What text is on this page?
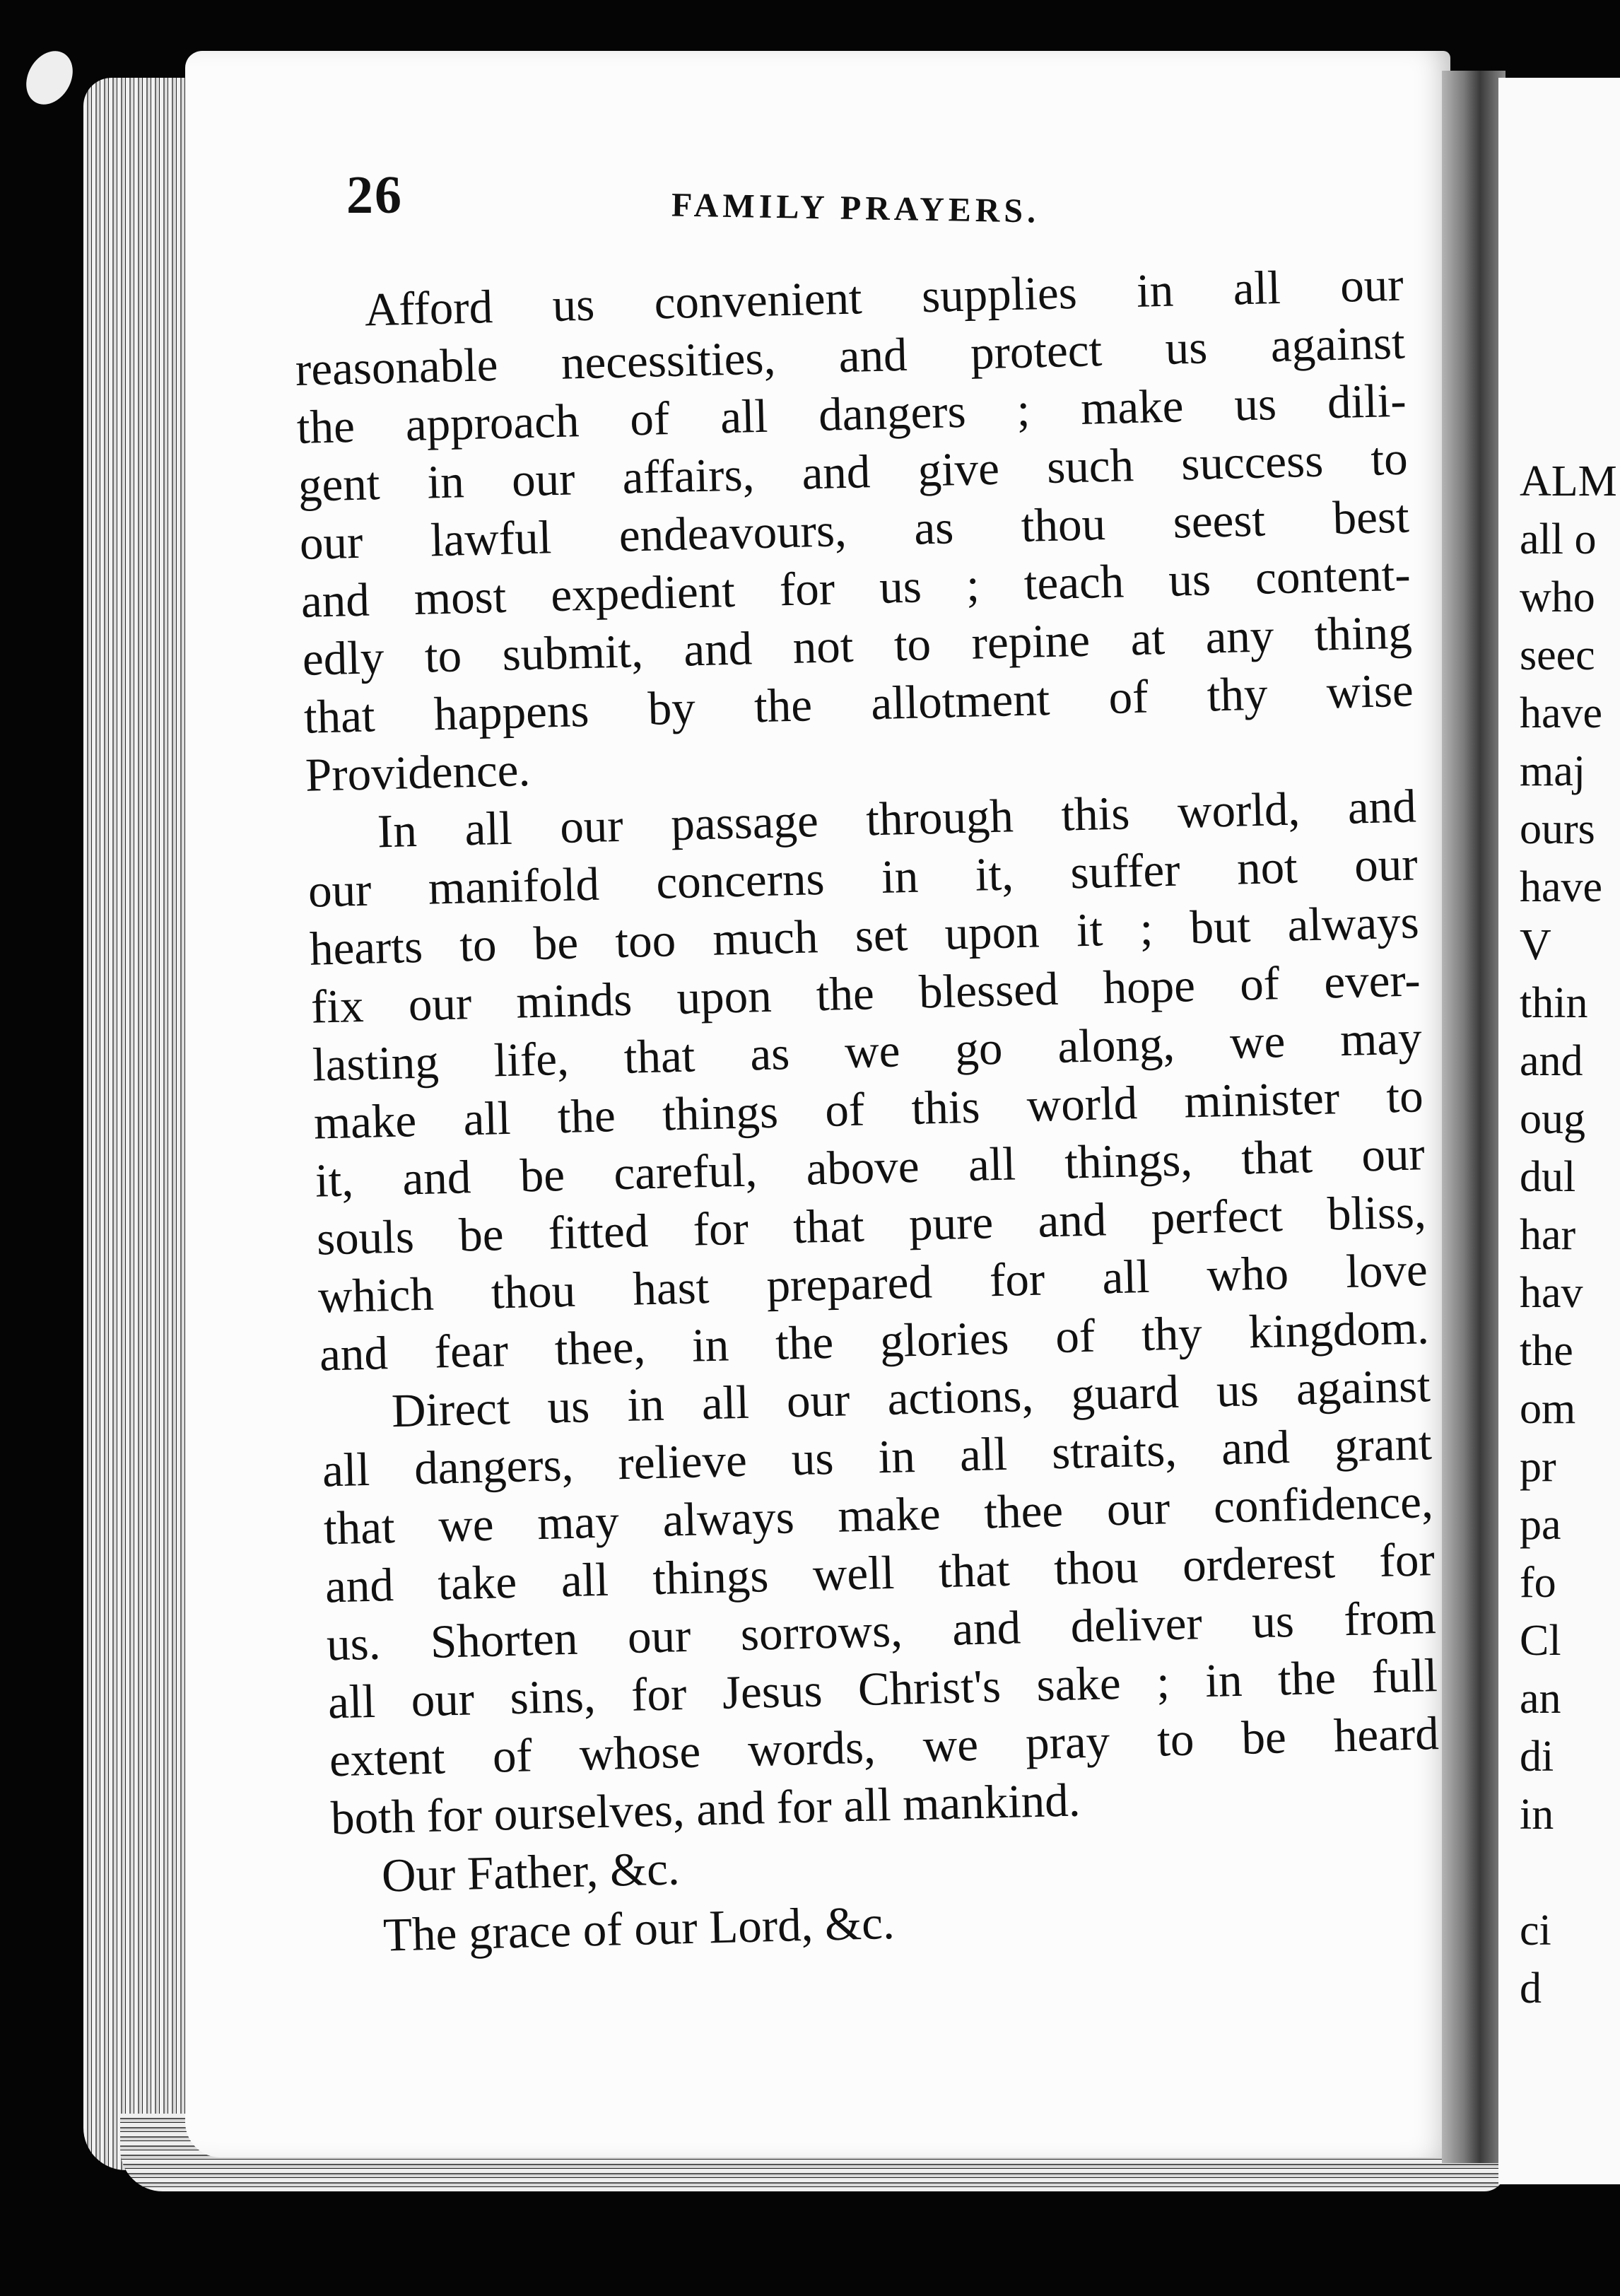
26	FAMILY PRAYERS.
Afford us convenient supplies in all our
reasonable necessities, and protect us against
the approach of all dangers ; make us dili-
gent in our affairs, and give such success to
our lawful endeavours, as thou seest best
and most expedient for us ; teach us content-
edly to submit, and not to repine at any thing
that happens by the allotment of thy wise
Providence.
In all our passage through this world, and
our manifold concerns in it, suffer not our
hearts to be too much set upon it ; but always
fix our minds upon the blessed hope of ever-
lasting life, that as we go along, we may
make all the things of this world minister to
it, and be careful, above all things, that our
souls be fitted for that pure and perfect bliss,
which thou hast prepared for all who love
and fear thee, in the glories of thy kingdom.
Direct us in all our actions, guard us against
all dangers, relieve us in all straits, and grant
that we may always make thee our confidence,
and take all things well that thou orderest for
us. Shorten our sorrows, and deliver us from
all our sins, for Jesus Christ's sake ; in the full
extent of whose words, we pray to be heard
both for ourselves, and for all mankind.
Our Father, &c.
The grace of our Lord, &c.
ALM
all o
who
seec
have
maj
ours
have
V
thin
and
oug
dul
har
hav
the
om
pr
pa
fo
Cl
an
di
in
ci
d
